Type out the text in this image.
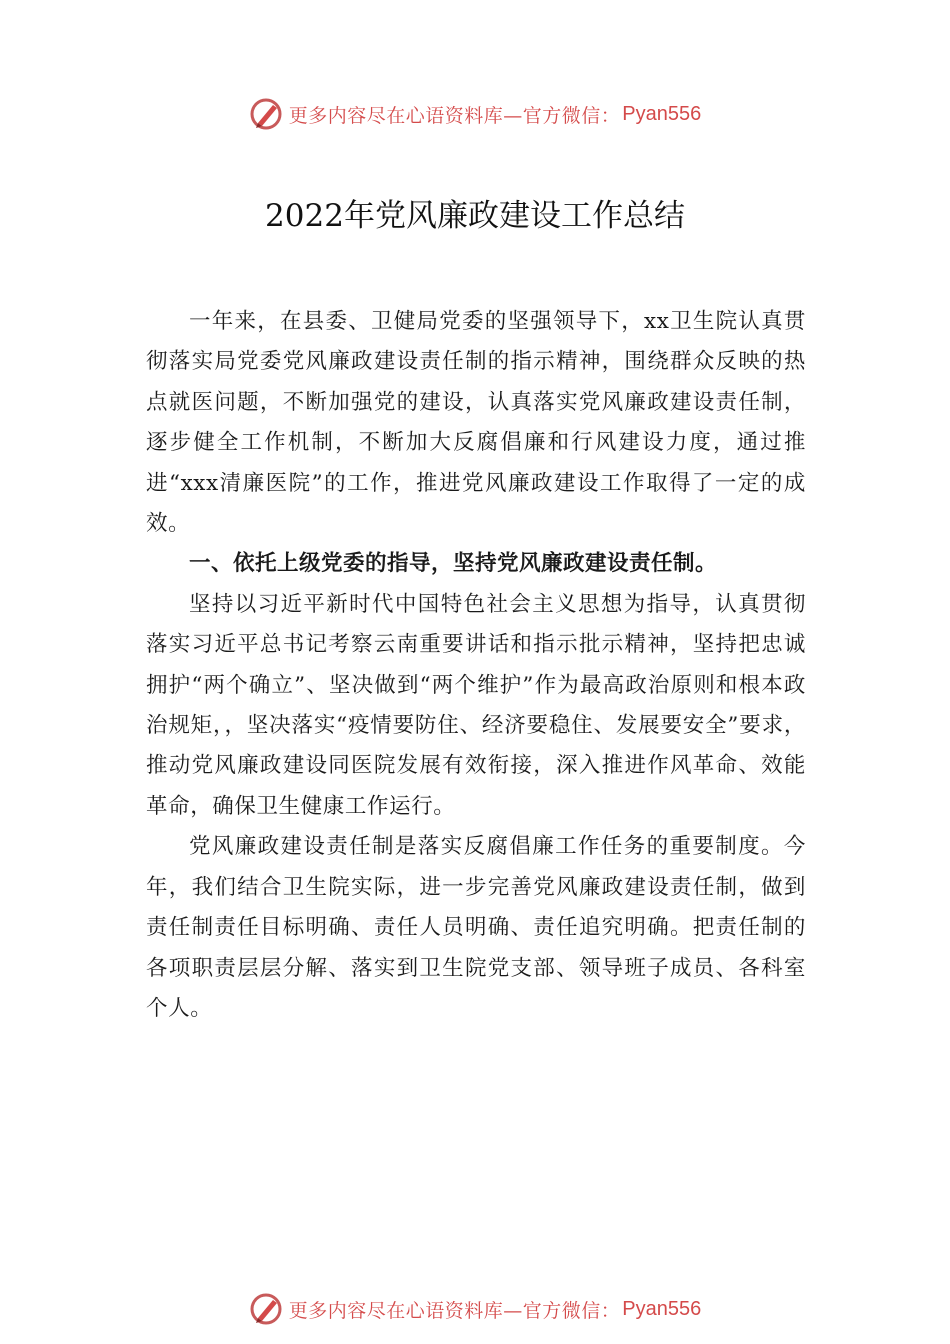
更多内容尽在心语资料库—官方微信： Pyan556
2022年党风廉政建设工作总结

一年来，在县委、卫健局党委的坚强领导下，xx卫生院认真贯彻落实局党委党风廉政建设责任制的指示精神，围绕群众反映的热点就医问题，不断加强党的建设，认真落实党风廉政建设责任制，逐步健全工作机制，不断加大反腐倡廉和行风建设力度，通过推进“xxx清廉医院”的工作，推进党风廉政建设工作取得了一定的成效。

一、依托上级党委的指导，坚持党风廉政建设责任制。

坚持以习近平新时代中国特色社会主义思想为指导，认真贯彻落实习近平总书记考察云南重要讲话和指示批示精神，坚持把忠诚拥护“两个确立”、坚决做到“两个维护”作为最高政治原则和根本政治规矩，，坚决落实“疫情要防住、经济要稳住、发展要安全”要求，推动党风廉政建设同医院发展有效衔接，深入推进作风革命、效能革命，确保卫生健康工作运行。

党风廉政建设责任制是落实反腐倡廉工作任务的重要制度。今年，我们结合卫生院实际，进一步完善党风廉政建设责任制，做到责任制责任目标明确、责任人员明确、责任追究明确。把责任制的各项职责层层分解、落实到卫生院党支部、领导班子成员、各科室个人。

更多内容尽在心语资料库—官方微信： Pyan556
